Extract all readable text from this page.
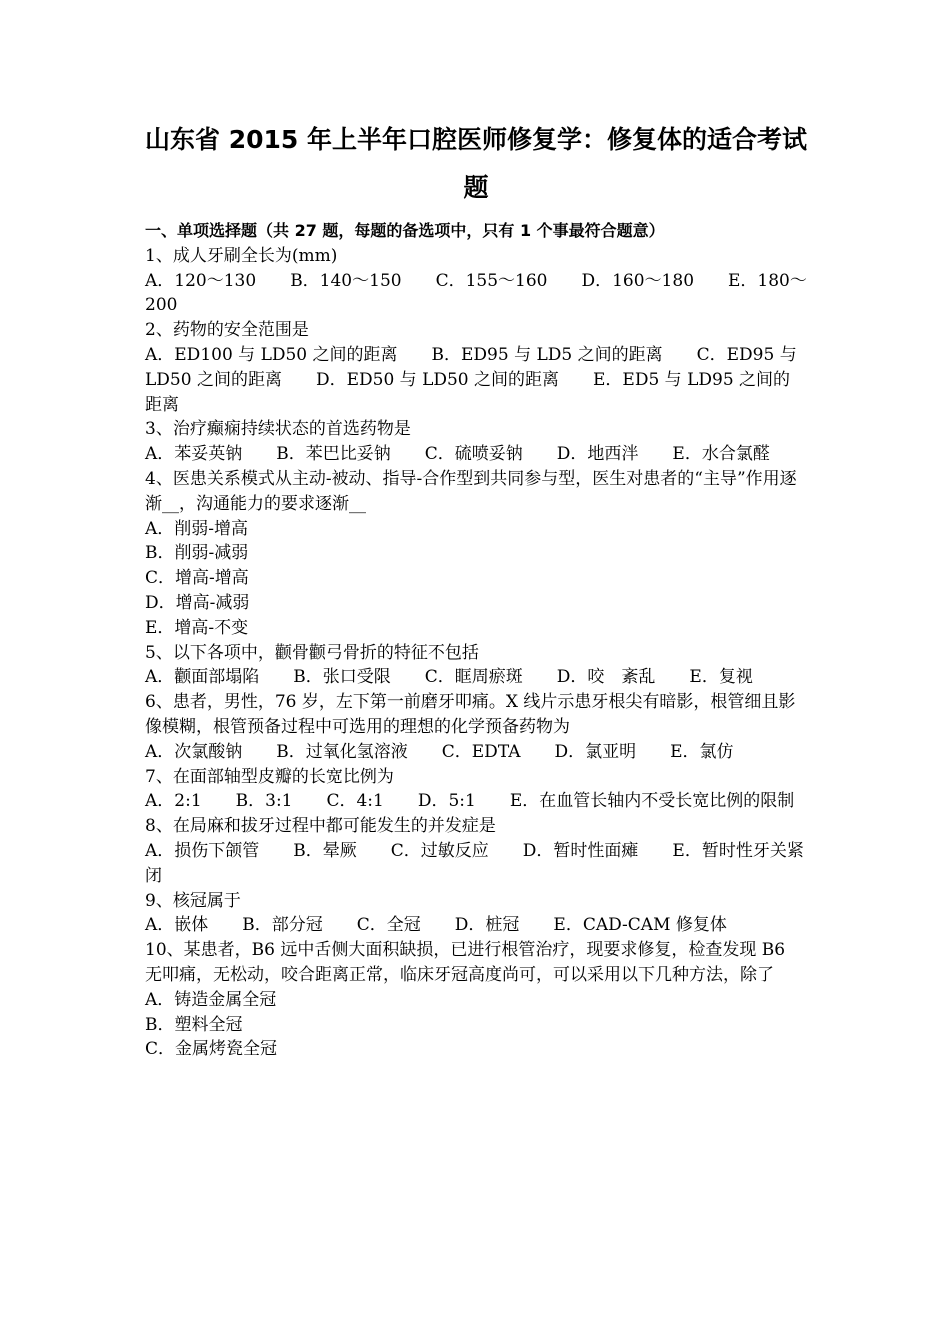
山东省 2015 年上半年口腔医师修复学：修复体的适合考试
题
一、单项选择题（共 27 题，每题的备选项中，只有 1 个事最符合题意）
1、成人牙刷全长为(mm)
A．120～130 B．140～150 C．155～160 D．160～180 E．180～
200
2、药物的安全范围是
A．ED100 与 LD50 之间的距离　　B．ED95 与 LD5 之间的距离　　C．ED95 与 LD50 之间的距离　　D．ED50 与 LD50 之间的距离　　E．ED5 与 LD95 之间的距离
3、治疗癫痫持续状态的首选药物是
A．苯妥英钠　　B．苯巴比妥钠　　C．硫喷妥钠　　D．地西泮　　E．水合氯醛
4、医患关系模式从主动-被动、指导-合作型到共同参与型，医生对患者的“主导”作用逐渐__，沟通能力的要求逐渐__
A．削弱-增高
B．削弱-减弱
C．增高-增高
D．增高-减弱
E．增高-不变
5、以下各项中，颧骨颧弓骨折的特征不包括
A．颧面部塌陷　　B．张口受限　　C．眶周瘀斑　　D．咬　紊乱　　E．复视
6、患者，男性，76 岁，左下第一前磨牙叩痛。X 线片示患牙根尖有暗影，根管细且影像模糊，根管预备过程中可选用的理想的化学预备药物为
A．次氯酸钠　　B．过氧化氢溶液　　C．EDTA　　D．氯亚明　　E．氯仿
7、在面部轴型皮瓣的长宽比例为
A．2:1　　B．3:1　　C．4:1　　D．5:1　　E．在血管长轴内不受长宽比例的限制
8、在局麻和拔牙过程中都可能发生的并发症是
A．损伤下颌管　　B．晕厥　　C．过敏反应　　D．暂时性面瘫　　E．暂时性牙关紧闭
9、核冠属于
A．嵌体　　B．部分冠　　C．全冠　　D．桩冠　　E．CAD-CAM 修复体
10、某患者，B6 远中舌侧大面积缺损，已进行根管治疗，现要求修复，检查发现 B6 无叩痛，无松动，咬合距离正常，临床牙冠高度尚可，可以采用以下几种方法，除了
A．铸造金属全冠
B．塑料全冠
C．金属烤瓷全冠
